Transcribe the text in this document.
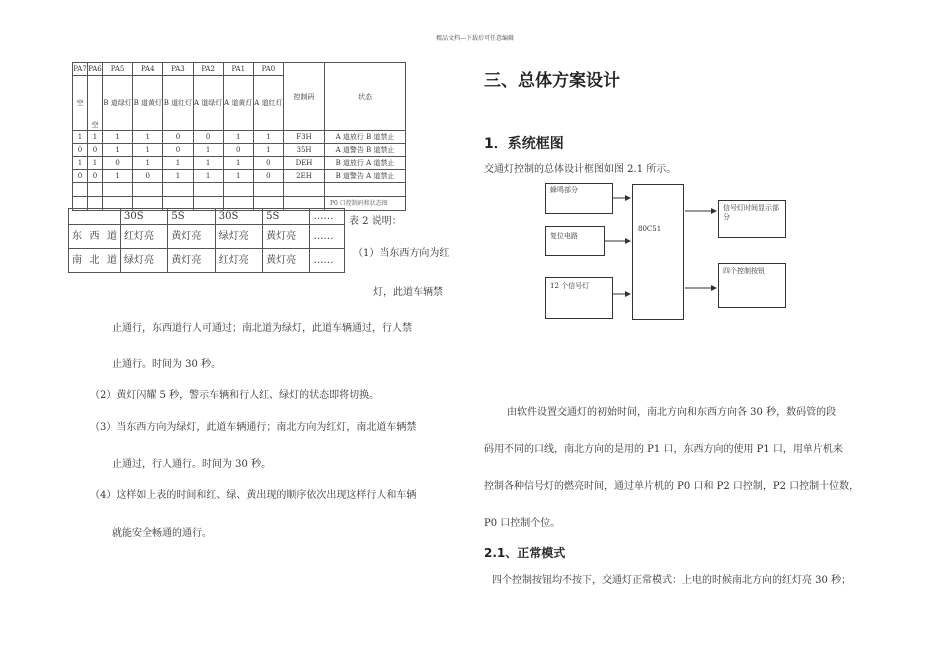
精品文档---下载后可任意编辑
PA7	PA6	PA5	PA4	PA3	PA2	PA1	PA0	控制码	状态
空	空	B 道绿灯	B 道黄灯	B 道红灯	A 道绿灯	A 道黄灯	A 道红灯		
1	1	1	1	0	0	1	1	F3H	A 道放行 B 道禁止
0	0	1	1	0	1	0	1	35H	A 道警告 B 道禁止
1	1	0	1	1	1	1	0	DEH	B 道放行 A 道禁止
0	0	1	0	1	1	1	0	2EH	B 道警告 A 道禁止

P0 口控制码和状态图
	30S	5S	30S	5S	……
东西道	红灯亮	黄灯亮	绿灯亮	黄灯亮	……
南北道	绿灯亮	黄灯亮	红灯亮	黄灯亮	……
表 2 说明：
（1）当东西方向为红
灯，此道车辆禁
止通行，东西道行人可通过；南北道为绿灯，此道车辆通过，行人禁
止通行。时间为 30 秒。
（2）黄灯闪耀 5 秒，警示车辆和行人红、绿灯的状态即将切换。
（3）当东西方向为绿灯，此道车辆通行；南北方向为红灯，南北道车辆禁
止通过，行人通行。时间为 30 秒。
（4）这样如上表的时间和红、绿、黄出现的顺序依次出现这样行人和车辆
就能安全畅通的通行。
三、总体方案设计
1．系统框图
交通灯控制的总体设计框图如图 2.1 所示。
蜂鸣部分
复位电路
12 个信号灯
80C51
信号灯时间显示部分
四个控制按钮
由软件设置交通灯的初始时间，南北方向和东西方向各 30 秒，数码管的段
码用不同的口线，南北方向的是用的 P1 口，东西方向的使用 P1 口，用单片机来
控制各种信号灯的燃亮时间，通过单片机的 P0 口和 P2 口控制，P2 口控制十位数，
P0 口控制个位。
2.1、正常模式
四个控制按钮均不按下，交通灯正常模式：上电的时候南北方向的红灯亮 30 秒；
